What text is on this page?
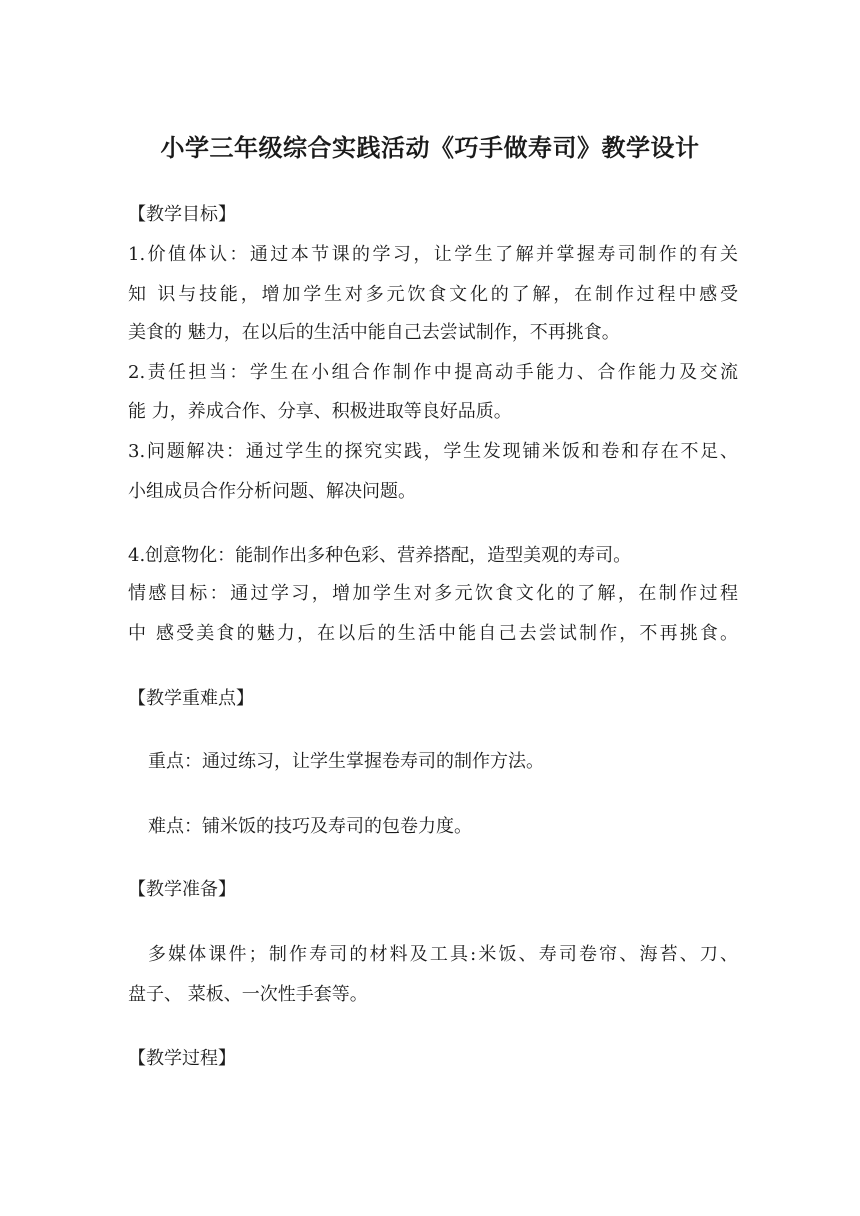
小学三年级综合实践活动《巧手做寿司》教学设计
【教学目标】
1.价值体认：通过本节课的学习，让学生了解并掌握寿司制作的有关
知 识与技能，增加学生对多元饮食文化的了解，在制作过程中感受
美食的 魅力，在以后的生活中能自己去尝试制作，不再挑食。
2.责任担当：学生在小组合作制作中提高动手能力、合作能力及交流
能 力，养成合作、分享、积极进取等良好品质。
3.问题解决：通过学生的探究实践，学生发现铺米饭和卷和存在不足、
小组成员合作分析问题、解决问题。
4.创意物化：能制作出多种色彩、营养搭配，造型美观的寿司。
情感目标：通过学习，增加学生对多元饮食文化的了解，在制作过程
中 感受美食的魅力，在以后的生活中能自己去尝试制作，不再挑食。
【教学重难点】
重点：通过练习，让学生掌握卷寿司的制作方法。
难点：铺米饭的技巧及寿司的包卷力度。
【教学准备】
多媒体课件；制作寿司的材料及工具:米饭、寿司卷帘、海苔、刀、
盘子、 菜板、一次性手套等。
【教学过程】
